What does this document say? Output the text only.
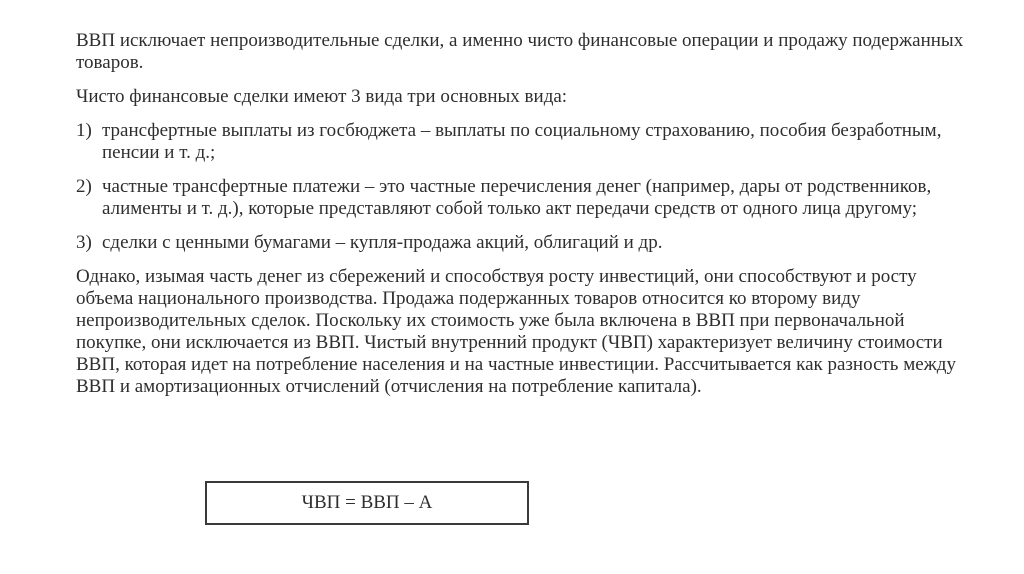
ВВП исключает непроизводительные сделки, а именно чисто финансовые операции и продажу подержанных товаров.

Чисто финансовые сделки имеют 3 вида три основных вида:

1) трансфертные выплаты из госбюджета – выплаты по социальному страхованию, пособия безработным, пенсии и т. д.;
2) частные трансфертные платежи – это частные перечисления денег (например, дары от родственников, алименты и т. д.), которые представляют собой только акт передачи средств от одного лица другому;
3) сделки с ценными бумагами – купля-продажа акций, облигаций и др.

Однако, изымая часть денег из сбережений и способствуя росту инвестиций, они способствуют и росту объема национального производства. Продажа подержанных товаров относится ко второму виду непроизводительных сделок. Поскольку их стоимость уже была включена в ВВП при первоначальной покупке, они исключается из ВВП. Чистый внутренний продукт (ЧВП) характеризует величину стоимости ВВП, которая идет на потребление населения и на частные инвестиции. Рассчитывается как разность между ВВП и амортизационных отчислений (отчисления на потребление капитала).

ЧВП = ВВП – А
